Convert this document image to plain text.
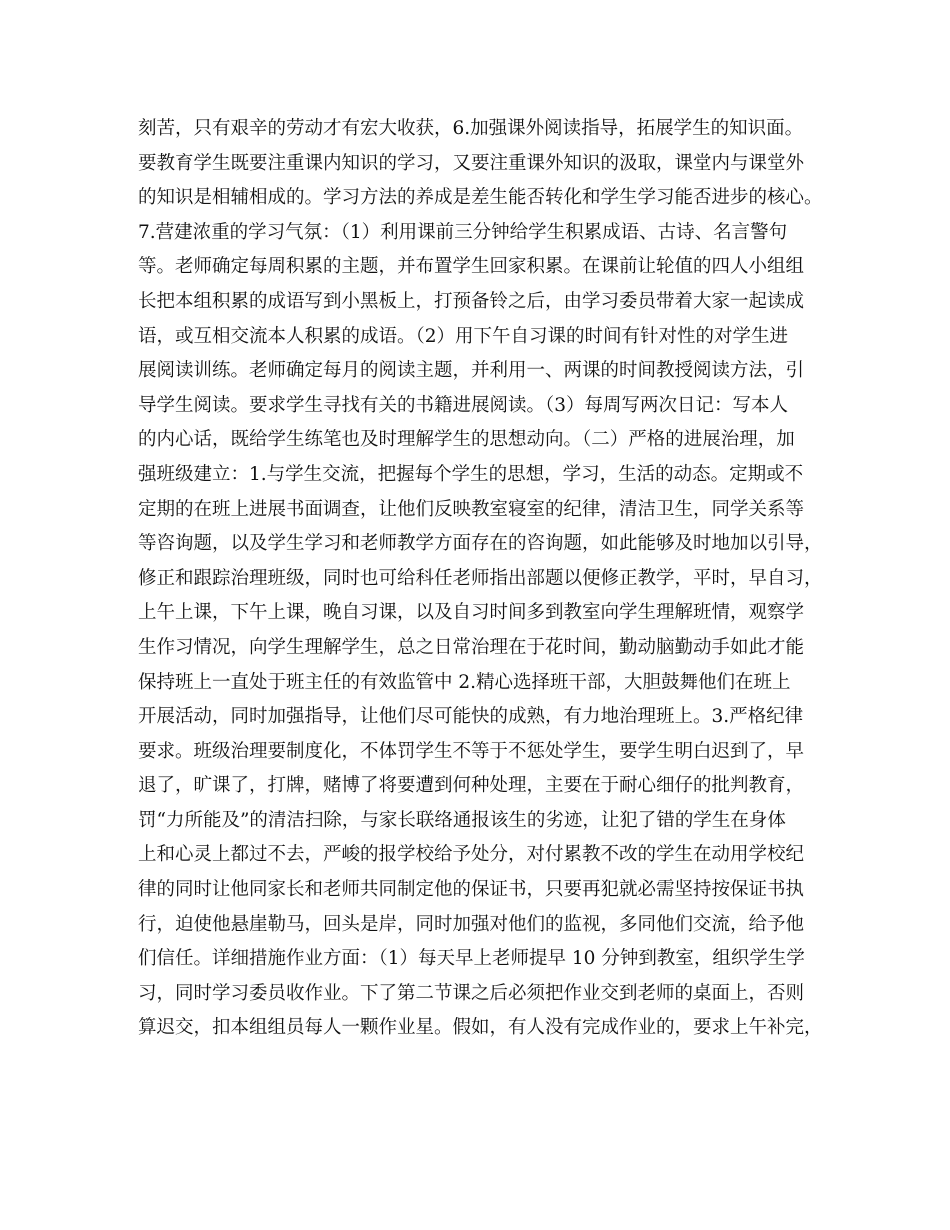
刻苦，只有艰辛的劳动才有宏大收获，6.加强课外阅读指导，拓展学生的知识面。
要教育学生既要注重课内知识的学习，又要注重课外知识的汲取，课堂内与课堂外
的知识是相辅相成的。学习方法的养成是差生能否转化和学生学习能否进步的核心。
7.营建浓重的学习气氛：（1）利用课前三分钟给学生积累成语、古诗、名言警句
等。老师确定每周积累的主题，并布置学生回家积累。在课前让轮值的四人小组组
长把本组积累的成语写到小黑板上，打预备铃之后，由学习委员带着大家一起读成
语，或互相交流本人积累的成语。（2）用下午自习课的时间有针对性的对学生进
展阅读训练。老师确定每月的阅读主题，并利用一、两课的时间教授阅读方法，引
导学生阅读。要求学生寻找有关的书籍进展阅读。（3）每周写两次日记：写本人
的内心话，既给学生练笔也及时理解学生的思想动向。（二）严格的进展治理，加
强班级建立：1.与学生交流，把握每个学生的思想，学习，生活的动态。定期或不
定期的在班上进展书面调查，让他们反映教室寝室的纪律，清洁卫生，同学关系等
等咨询题，以及学生学习和老师教学方面存在的咨询题，如此能够及时地加以引导，
修正和跟踪治理班级，同时也可给科任老师指出部题以便修正教学，平时，早自习，
上午上课，下午上课，晚自习课，以及自习时间多到教室向学生理解班情，观察学
生作习情况，向学生理解学生，总之日常治理在于花时间，勤动脑勤动手如此才能
保持班上一直处于班主任的有效监管中 2.精心选择班干部，大胆鼓舞他们在班上
开展活动，同时加强指导，让他们尽可能快的成熟，有力地治理班上。3.严格纪律
要求。班级治理要制度化，不体罚学生不等于不惩处学生，要学生明白迟到了，早
退了，旷课了，打牌，赌博了将要遭到何种处理，主要在于耐心细仔的批判教育，
罚“力所能及”的清洁扫除，与家长联络通报该生的劣迹，让犯了错的学生在身体
上和心灵上都过不去，严峻的报学校给予处分，对付累教不改的学生在动用学校纪
律的同时让他同家长和老师共同制定他的保证书，只要再犯就必需坚持按保证书执
行，迫使他悬崖勒马，回头是岸，同时加强对他们的监视，多同他们交流，给予他
们信任。详细措施作业方面：（1）每天早上老师提早 10 分钟到教室，组织学生学
习，同时学习委员收作业。下了第二节课之后必须把作业交到老师的桌面上，否则
算迟交，扣本组组员每人一颗作业星。假如，有人没有完成作业的，要求上午补完，
